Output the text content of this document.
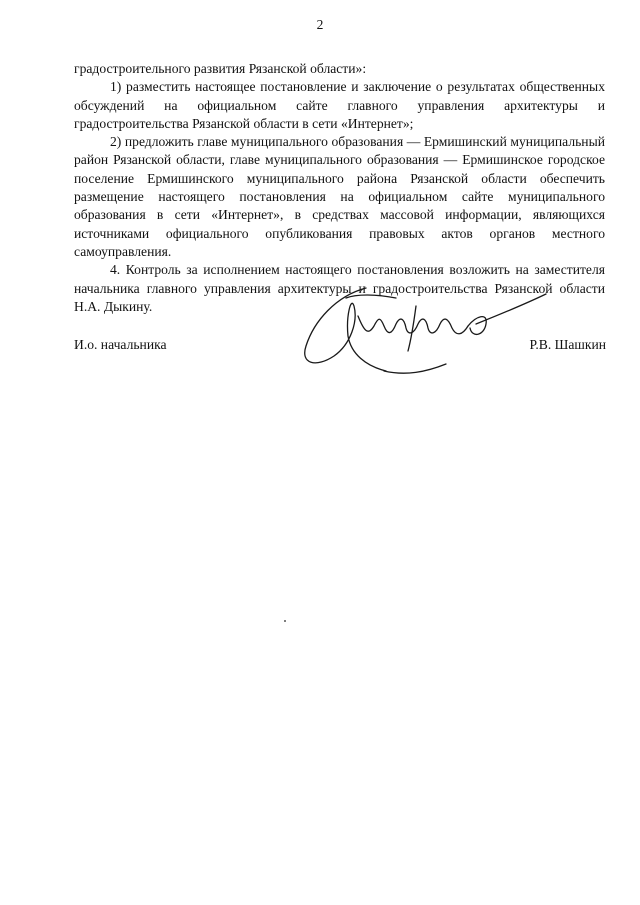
2

градостроительного развития Рязанской области»:

1) разместить настоящее постановление и заключение о результатах общественных обсуждений на официальном сайте главного управления архитектуры и градостроительства Рязанской области в сети «Интернет»;

2) предложить главе муниципального образования — Ермишинский муниципальный район Рязанской области, главе муниципального образования — Ермишинское городское поселение Ермишинского муниципального района Рязанской области обеспечить размещение настоящего постановления на официальном сайте муниципального образования в сети «Интернет», в средствах массовой информации, являющихся источниками официального опубликования правовых актов органов местного самоуправления.

4. Контроль за исполнением настоящего постановления возложить на заместителя начальника главного управления архитектуры и градостроительства Рязанской области Н.А. Дыкину.

И.о. начальника	Р.В. Шашкин
